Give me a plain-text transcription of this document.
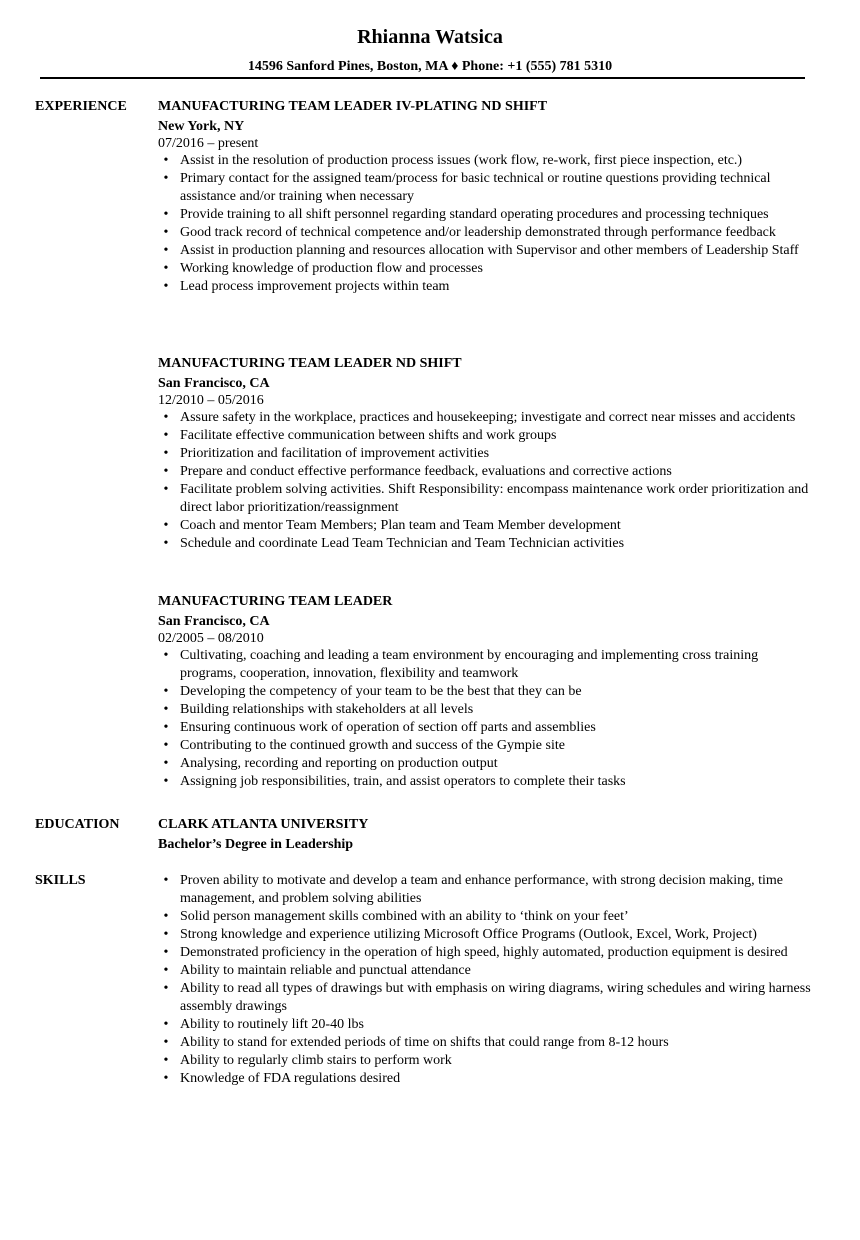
Rhianna Watsica
14596 Sanford Pines, Boston, MA ♦ Phone: +1 (555) 781 5310
EXPERIENCE MANUFACTURING TEAM LEADER IV-PLATING ND SHIFT
New York, NY
07/2016 – present
• Assist in the resolution of production process issues (work flow, re-work, first piece inspection, etc.)
• Primary contact for the assigned team/process for basic technical or routine questions providing technical assistance and/or training when necessary
• Provide training to all shift personnel regarding standard operating procedures and processing techniques
• Good track record of technical competence and/or leadership demonstrated through performance feedback
• Assist in production planning and resources allocation with Supervisor and other members of Leadership Staff
• Working knowledge of production flow and processes
• Lead process improvement projects within team
MANUFACTURING TEAM LEADER ND SHIFT
San Francisco, CA
12/2010 – 05/2016
• Assure safety in the workplace, practices and housekeeping; investigate and correct near misses and accidents
• Facilitate effective communication between shifts and work groups
• Prioritization and facilitation of improvement activities
• Prepare and conduct effective performance feedback, evaluations and corrective actions
• Facilitate problem solving activities. Shift Responsibility: encompass maintenance work order prioritization and direct labor prioritization/reassignment
• Coach and mentor Team Members; Plan team and Team Member development
• Schedule and coordinate Lead Team Technician and Team Technician activities
MANUFACTURING TEAM LEADER
San Francisco, CA
02/2005 – 08/2010
• Cultivating, coaching and leading a team environment by encouraging and implementing cross training programs, cooperation, innovation, flexibility and teamwork
• Developing the competency of your team to be the best that they can be
• Building relationships with stakeholders at all levels
• Ensuring continuous work of operation of section off parts and assemblies
• Contributing to the continued growth and success of the Gympie site
• Analysing, recording and reporting on production output
• Assigning job responsibilities, train, and assist operators to complete their tasks
EDUCATION	CLARK ATLANTA UNIVERSITY
Bachelor’s Degree in Leadership
SKILLS	• Proven ability to motivate and develop a team and enhance performance, with strong decision making, time management, and problem solving abilities
• Solid person management skills combined with an ability to ‘think on your feet’
• Strong knowledge and experience utilizing Microsoft Office Programs (Outlook, Excel, Work, Project)
• Demonstrated proficiency in the operation of high speed, highly automated, production equipment is desired
• Ability to maintain reliable and punctual attendance
• Ability to read all types of drawings but with emphasis on wiring diagrams, wiring schedules and wiring harness assembly drawings
• Ability to routinely lift 20-40 lbs
• Ability to stand for extended periods of time on shifts that could range from 8-12 hours
• Ability to regularly climb stairs to perform work
• Knowledge of FDA regulations desired
